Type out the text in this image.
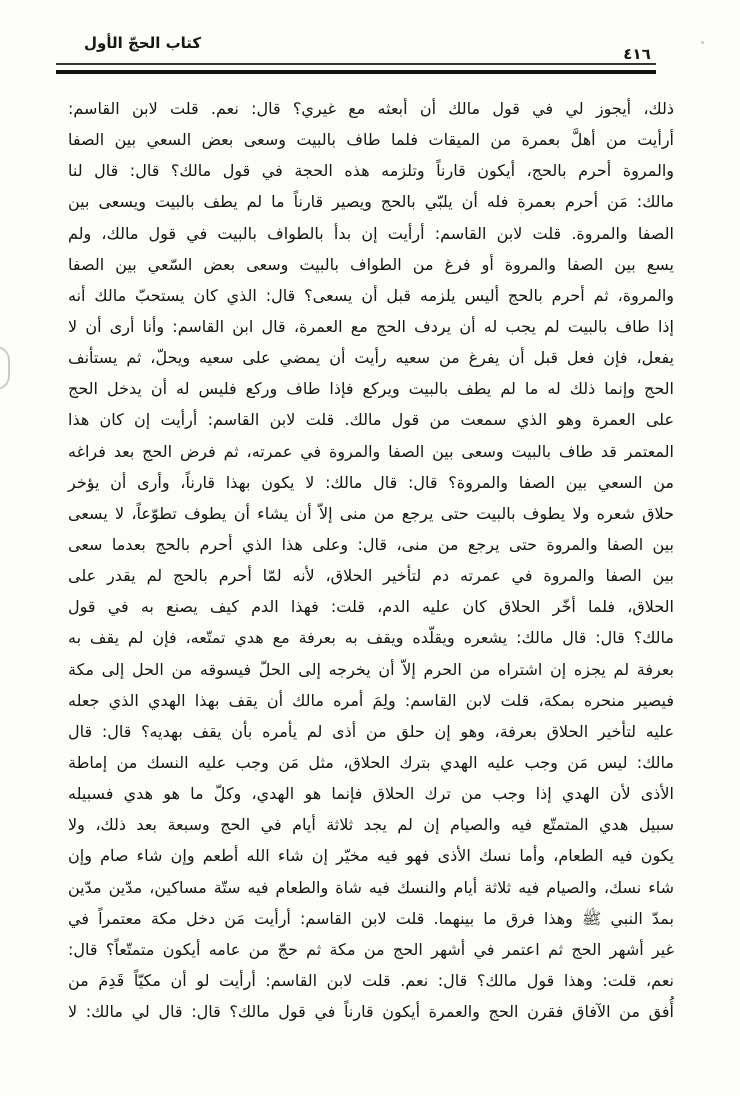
كتاب الحجّ الأول
٤١٦
ذلك، أيجوز لي في قول مالك أن أبعثه مع غيري؟ قال: نعم. قلت لابن القاسم:
أرأيت من أهلَّ بعمرة من الميقات فلما طاف بالبيت وسعى بعض السعي بين الصفا
والمروة أحرم بالحج، أيكون قارناً وتلزمه هذه الحجة في قول مالك؟ قال: قال لنا
مالك: مَن أحرم بعمرة فله أن يلبّي بالحج ويصير قارناً ما لم يطف بالبيت ويسعى بين
الصفا والمروة. قلت لابن القاسم: أرأيت إن بدأ بالطواف بالبيت في قول مالك، ولم
يسع بين الصفا والمروة أو فرغ من الطواف بالبيت وسعى بعض السّعي بين الصفا
والمروة، ثم أحرم بالحج أليس يلزمه قبل أن يسعى؟ قال: الذي كان يستحبّ مالك أنه
إذا طاف بالبيت لم يجب له أن يردف الحج مع العمرة، قال ابن القاسم: وأنا أرى أن لا
يفعل، فإن فعل قبل أن يفرغ من سعيه رأيت أن يمضي على سعيه ويحلّ، ثم يستأنف
الحج وإنما ذلك له ما لم يطف بالبيت ويركع فإذا طاف وركع فليس له أن يدخل الحج
على العمرة وهو الذي سمعت من قول مالك. قلت لابن القاسم: أرأيت إن كان هذا
المعتمر قد طاف بالبيت وسعى بين الصفا والمروة في عمرته، ثم فرض الحج بعد فراغه
من السعي بين الصفا والمروة؟ قال: قال مالك: لا يكون بهذا قارناً، وأرى أن يؤخر
حلاق شعره ولا يطوف بالبيت حتى يرجع من منى إلاّ أن يشاء أن يطوف تطوّعاً، لا يسعى
بين الصفا والمروة حتى يرجع من منى، قال: وعلى هذا الذي أحرم بالحج بعدما سعى
بين الصفا والمروة في عمرته دم لتأخير الحلاق، لأنه لمّا أحرم بالحج لم يقدر على
الحلاق، فلما أخّر الحلاق كان عليه الدم، قلت: فهذا الدم كيف يصنع به في قول
مالك؟ قال: قال مالك: يشعره ويقلّده ويقف به بعرفة مع هدي تمتّعه، فإن لم يقف به
بعرفة لم يجزه إن اشتراه من الحرم إلاّ أن يخرجه إلى الحلّ فيسوقه من الحل إلى مكة
فيصير منحره بمكة، قلت لابن القاسم: ولِمَ أمره مالك أن يقف بهذا الهدي الذي جعله
عليه لتأخير الحلاق بعرفة، وهو إن حلق من أذى لم يأمره بأن يقف بهديه؟ قال: قال
مالك: ليس مَن وجب عليه الهدي بترك الحلاق، مثل مَن وجب عليه النسك من إماطة
الأذى لأن الهدي إذا وجب من ترك الحلاق فإنما هو الهدي، وكلّ ما هو هدي فسبيله
سبيل هدي المتمتّع فيه والصيام إن لم يجد ثلاثة أيام في الحج وسبعة بعد ذلك، ولا
يكون فيه الطعام، وأما نسك الأذى فهو فيه مخيّر إن شاء الله أطعم وإن شاء صام وإن
شاء نسك، والصيام فيه ثلاثة أيام والنسك فيه شاة والطعام فيه ستّة مساكين، مدّين مدّين
بمدّ النبي ﷺ وهذا فرق ما بينهما. قلت لابن القاسم: أرأيت مَن دخل مكة معتمراً في
غير أشهر الحج ثم اعتمر في أشهر الحج من مكة ثم حجّ من عامه أيكون متمتّعاً؟ قال:
نعم، قلت: وهذا قول مالك؟ قال: نعم. قلت لابن القاسم: أرأيت لو أن مكيّاً قَدِمَ من
أُفق من الآفاق فقرن الحج والعمرة أيكون قارناً في قول مالك؟ قال: قال لي مالك: لا
